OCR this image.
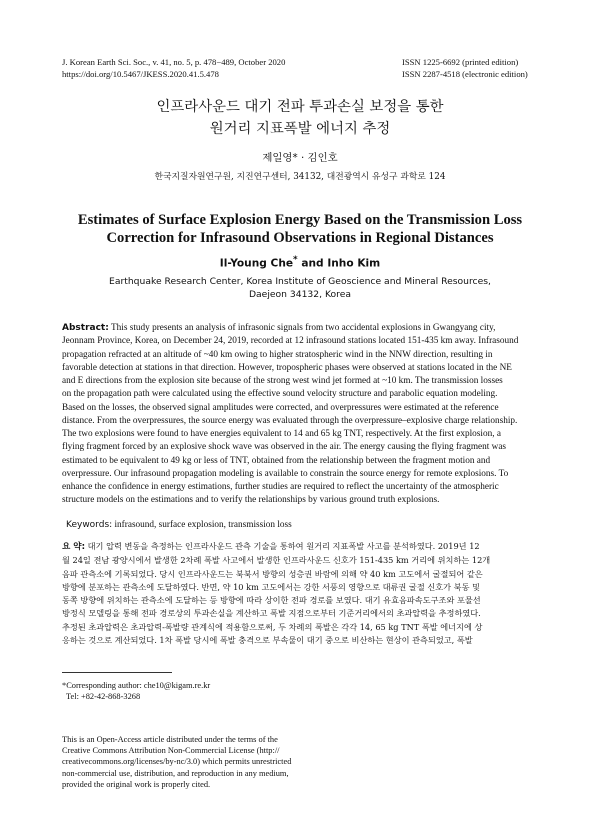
J. Korean Earth Sci. Soc., v. 41, no. 5, p. 478−489, October 2020
https://doi.org/10.5467/JKESS.2020.41.5.478
ISSN 1225-6692 (printed edition)
ISSN 2287-4518 (electronic edition)
인프라사운드 대기 전파 투과손실 보정을 통한
원거리 지표폭발 에너지 추정
제일영* · 김인호
한국지질자원연구원, 지진연구센터, 34132, 대전광역시 유성구 과학로 124
Estimates of Surface Explosion Energy Based on the Transmission Loss
Correction for Infrasound Observations in Regional Distances
Il-Young Che* and Inho Kim
Earthquake Research Center, Korea Institute of Geoscience and Mineral Resources,
Daejeon 34132, Korea
Abstract: This study presents an analysis of infrasonic signals from two accidental explosions in Gwangyang city,
Jeonnam Province, Korea, on December 24, 2019, recorded at 12 infrasound stations located 151-435 km away. Infrasound
propagation refracted at an altitude of ~40 km owing to higher stratospheric wind in the NNW direction, resulting in
favorable detection at stations in that direction. However, tropospheric phases were observed at stations located in the NE
and E directions from the explosion site because of the strong west wind jet formed at ~10 km. The transmission losses
on the propagation path were calculated using the effective sound velocity structure and parabolic equation modeling.
Based on the losses, the observed signal amplitudes were corrected, and overpressures were estimated at the reference
distance. From the overpressures, the source energy was evaluated through the overpressure–explosive charge relationship.
The two explosions were found to have energies equivalent to 14 and 65 kg TNT, respectively. At the first explosion, a
flying fragment forced by an explosive shock wave was observed in the air. The energy causing the flying fragment was
estimated to be equivalent to 49 kg or less of TNT, obtained from the relationship between the fragment motion and
overpressure. Our infrasound propagation modeling is available to constrain the source energy for remote explosions. To
enhance the confidence in energy estimations, further studies are required to reflect the uncertainty of the atmospheric
structure models on the estimations and to verify the relationships by various ground truth explosions.
Keywords: infrasound, surface explosion, transmission loss
요 약: 대기 압력 변동을 측정하는 인프라사운드 관측 기술을 통하여 원거리 지표폭발 사고를 분석하였다. 2019년 12
월 24일 전남 광양시에서 발생한 2차례 폭발 사고에서 발생한 인프라사운드 신호가 151-435 km 거리에 위치하는 12개
음파 관측소에 기록되었다. 당시 인프라사운드는 북북서 방향의 성층권 바람에 의해 약 40 km 고도에서 굴절되어 같은
방향에 분포하는 관측소에 도달하였다. 반면, 약 10 km 고도에서는 강한 서풍의 영향으로 대류권 굴절 신호가 북동 및
동쪽 방향에 위치하는 관측소에 도달하는 등 방향에 따라 상이한 전파 경로를 보였다. 대기 유효음파속도구조와 포물선
방정식 모델링을 통해 전파 경로상의 투과손실을 계산하고 폭발 지점으로부터 기준거리에서의 초과압력을 추정하였다.
추정된 초과압력은 초과압력-폭발량 관계식에 적용함으로써, 두 차례의 폭발은 각각 14, 65 kg TNT 폭발 에너지에 상
응하는 것으로 계산되었다. 1차 폭발 당시에 폭발 충격으로 부속물이 대기 중으로 비산하는 현상이 관측되었고, 폭발
*Corresponding author: che10@kigam.re.kr
Tel: +82-42-868-3268
This is an Open-Access article distributed under the terms of the
Creative Commons Attribution Non-Commercial License (http://
creativecommons.org/licenses/by-nc/3.0) which permits unrestricted
non-commercial use, distribution, and reproduction in any medium,
provided the original work is properly cited.
